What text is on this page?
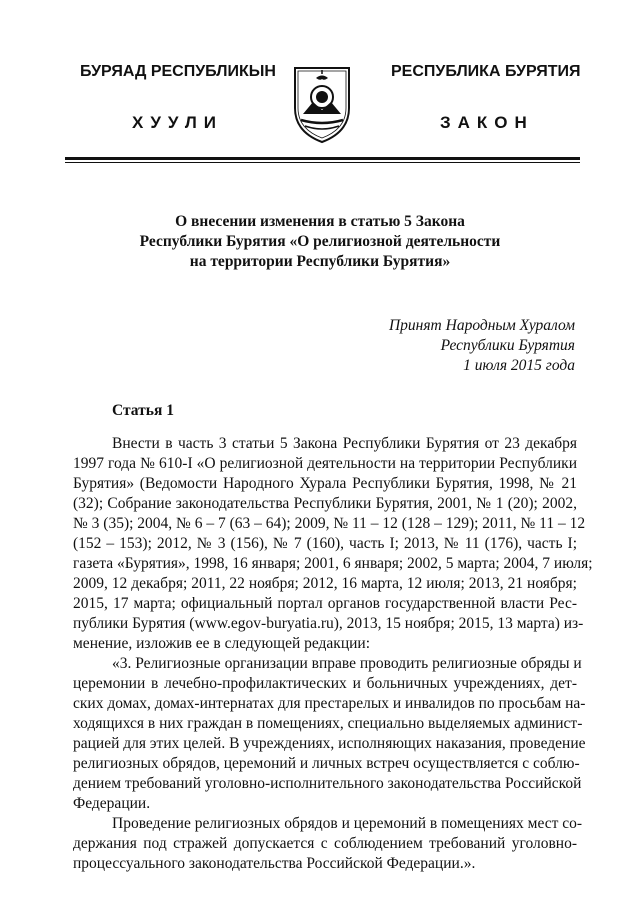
БУРЯАД РЕСПУБЛИКЫН
ХУУЛИ
РЕСПУБЛИКА БУРЯТИЯ
ЗАКОН
О внесении изменения в статью 5 Закона
Республики Бурятия «О религиозной деятельности
на территории Республики Бурятия»
Принят Народным Хуралом
Республики Бурятия
1 июля 2015 года
Статья 1
Внести в часть 3 статьи 5 Закона Республики Бурятия от 23 декабря
1997 года № 610-I «О религиозной деятельности на территории Республики
Бурятия» (Ведомости Народного Хурала Республики Бурятия, 1998, № 21
(32); Собрание законодательства Республики Бурятия, 2001, № 1 (20); 2002,
№ 3 (35); 2004, № 6 – 7 (63 – 64); 2009, № 11 – 12 (128 – 129); 2011, № 11 – 12
(152 – 153); 2012, № 3 (156), № 7 (160), часть I; 2013, № 11 (176), часть I;
газета «Бурятия», 1998, 16 января; 2001, 6 января; 2002, 5 марта; 2004, 7 июля;
2009, 12 декабря; 2011, 22 ноября; 2012, 16 марта, 12 июля; 2013, 21 ноября;
2015, 17 марта; официальный портал органов государственной власти Рес-
публики Бурятия (www.egov-buryatia.ru), 2013, 15 ноября; 2015, 13 марта) из-
менение, изложив ее в следующей редакции:
«3. Религиозные организации вправе проводить религиозные обряды и
церемонии в лечебно-профилактических и больничных учреждениях, дет-
ских домах, домах-интернатах для престарелых и инвалидов по просьбам на-
ходящихся в них граждан в помещениях, специально выделяемых админист-
рацией для этих целей. В учреждениях, исполняющих наказания, проведение
религиозных обрядов, церемоний и личных встреч осуществляется с соблю-
дением требований уголовно-исполнительного законодательства Российской
Федерации.
Проведение религиозных обрядов и церемоний в помещениях мест со-
держания под стражей допускается с соблюдением требований уголовно-
процессуального законодательства Российской Федерации.».
